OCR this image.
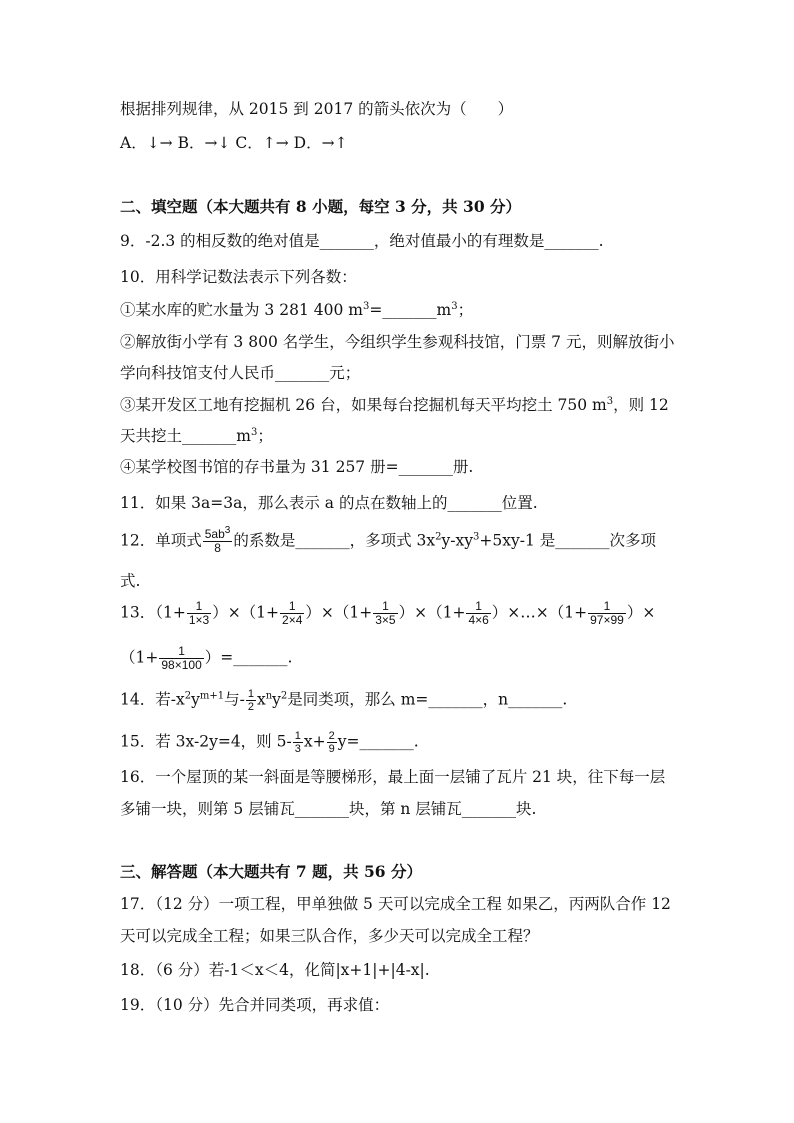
根据排列规律，从 2015 到 2017 的箭头依次为（　　）
A．↓→ B．→↓ C．↑→ D．→↑
二、填空题（本大题共有 8 小题，每空 3 分，共 30 分）
9．-2.3 的相反数的绝对值是_______，绝对值最小的有理数是_______.
10．用科学记数法表示下列各数：
①某水库的贮水量为 3 281 400 $m^3=\_\_\_\_\_\_\_m^3$；
②解放街小学有 3 800 名学生，今组织学生参观科技馆，门票 7 元，则解放街小
学向科技馆支付人民币_______元；
③某开发区工地有挖掘机 26 台，如果每台挖掘机每天平均挖土 750 $m^3$，则 12
天共挖土$\_\_\_\_\_\_\_m^3$；
④某学校图书馆的存书量为 31 257 册=_______册.
11．如果 3a=3a，那么表示 a 的点在数轴上的_______位置.
12．单项式 $\frac{5ab^3}{8}$ 的系数是_______，多项式 $3x^2y-xy^3+5xy-1$ 是_______次多项
式.
13．$(1+ \frac{1}{1\times 3} )\times(1+ \frac{1}{2\times 4} )\times(1+ \frac{1}{3\times 5} )\times(1+ \frac{1}{4\times 6}$ ）×…×（1+ $\frac{1}{97\times 99}$ ）×
（$1+ \frac{1}{98\times 100}$ ）=_______.
14．若$-x^2y^{m+1}$与- $\frac{1}{2} x^ny^2$是同类项，那么 m=_______，n_______.
15．若 3x-2y=4，则 $5- \frac{1}{3} x+ \frac{2}{9}$ y=_______.
16．一个屋顶的某一斜面是等腰梯形，最上面一层铺了瓦片 21 块，往下每一层
多铺一块，则第 5 层铺瓦_______块，第 n 层铺瓦_______块.
三、解答题（本大题共有 7 题，共 56 分）
17．（12 分）一项工程，甲单独做 5 天可以完成全工程 如果乙，丙两队合作 12
天可以完成全工程；如果三队合作，多少天可以完成全工程？
18．（6 分）若-1＜x＜4，化简|x+1|+|4-x|.
19．（10 分）先合并同类项，再求值：
